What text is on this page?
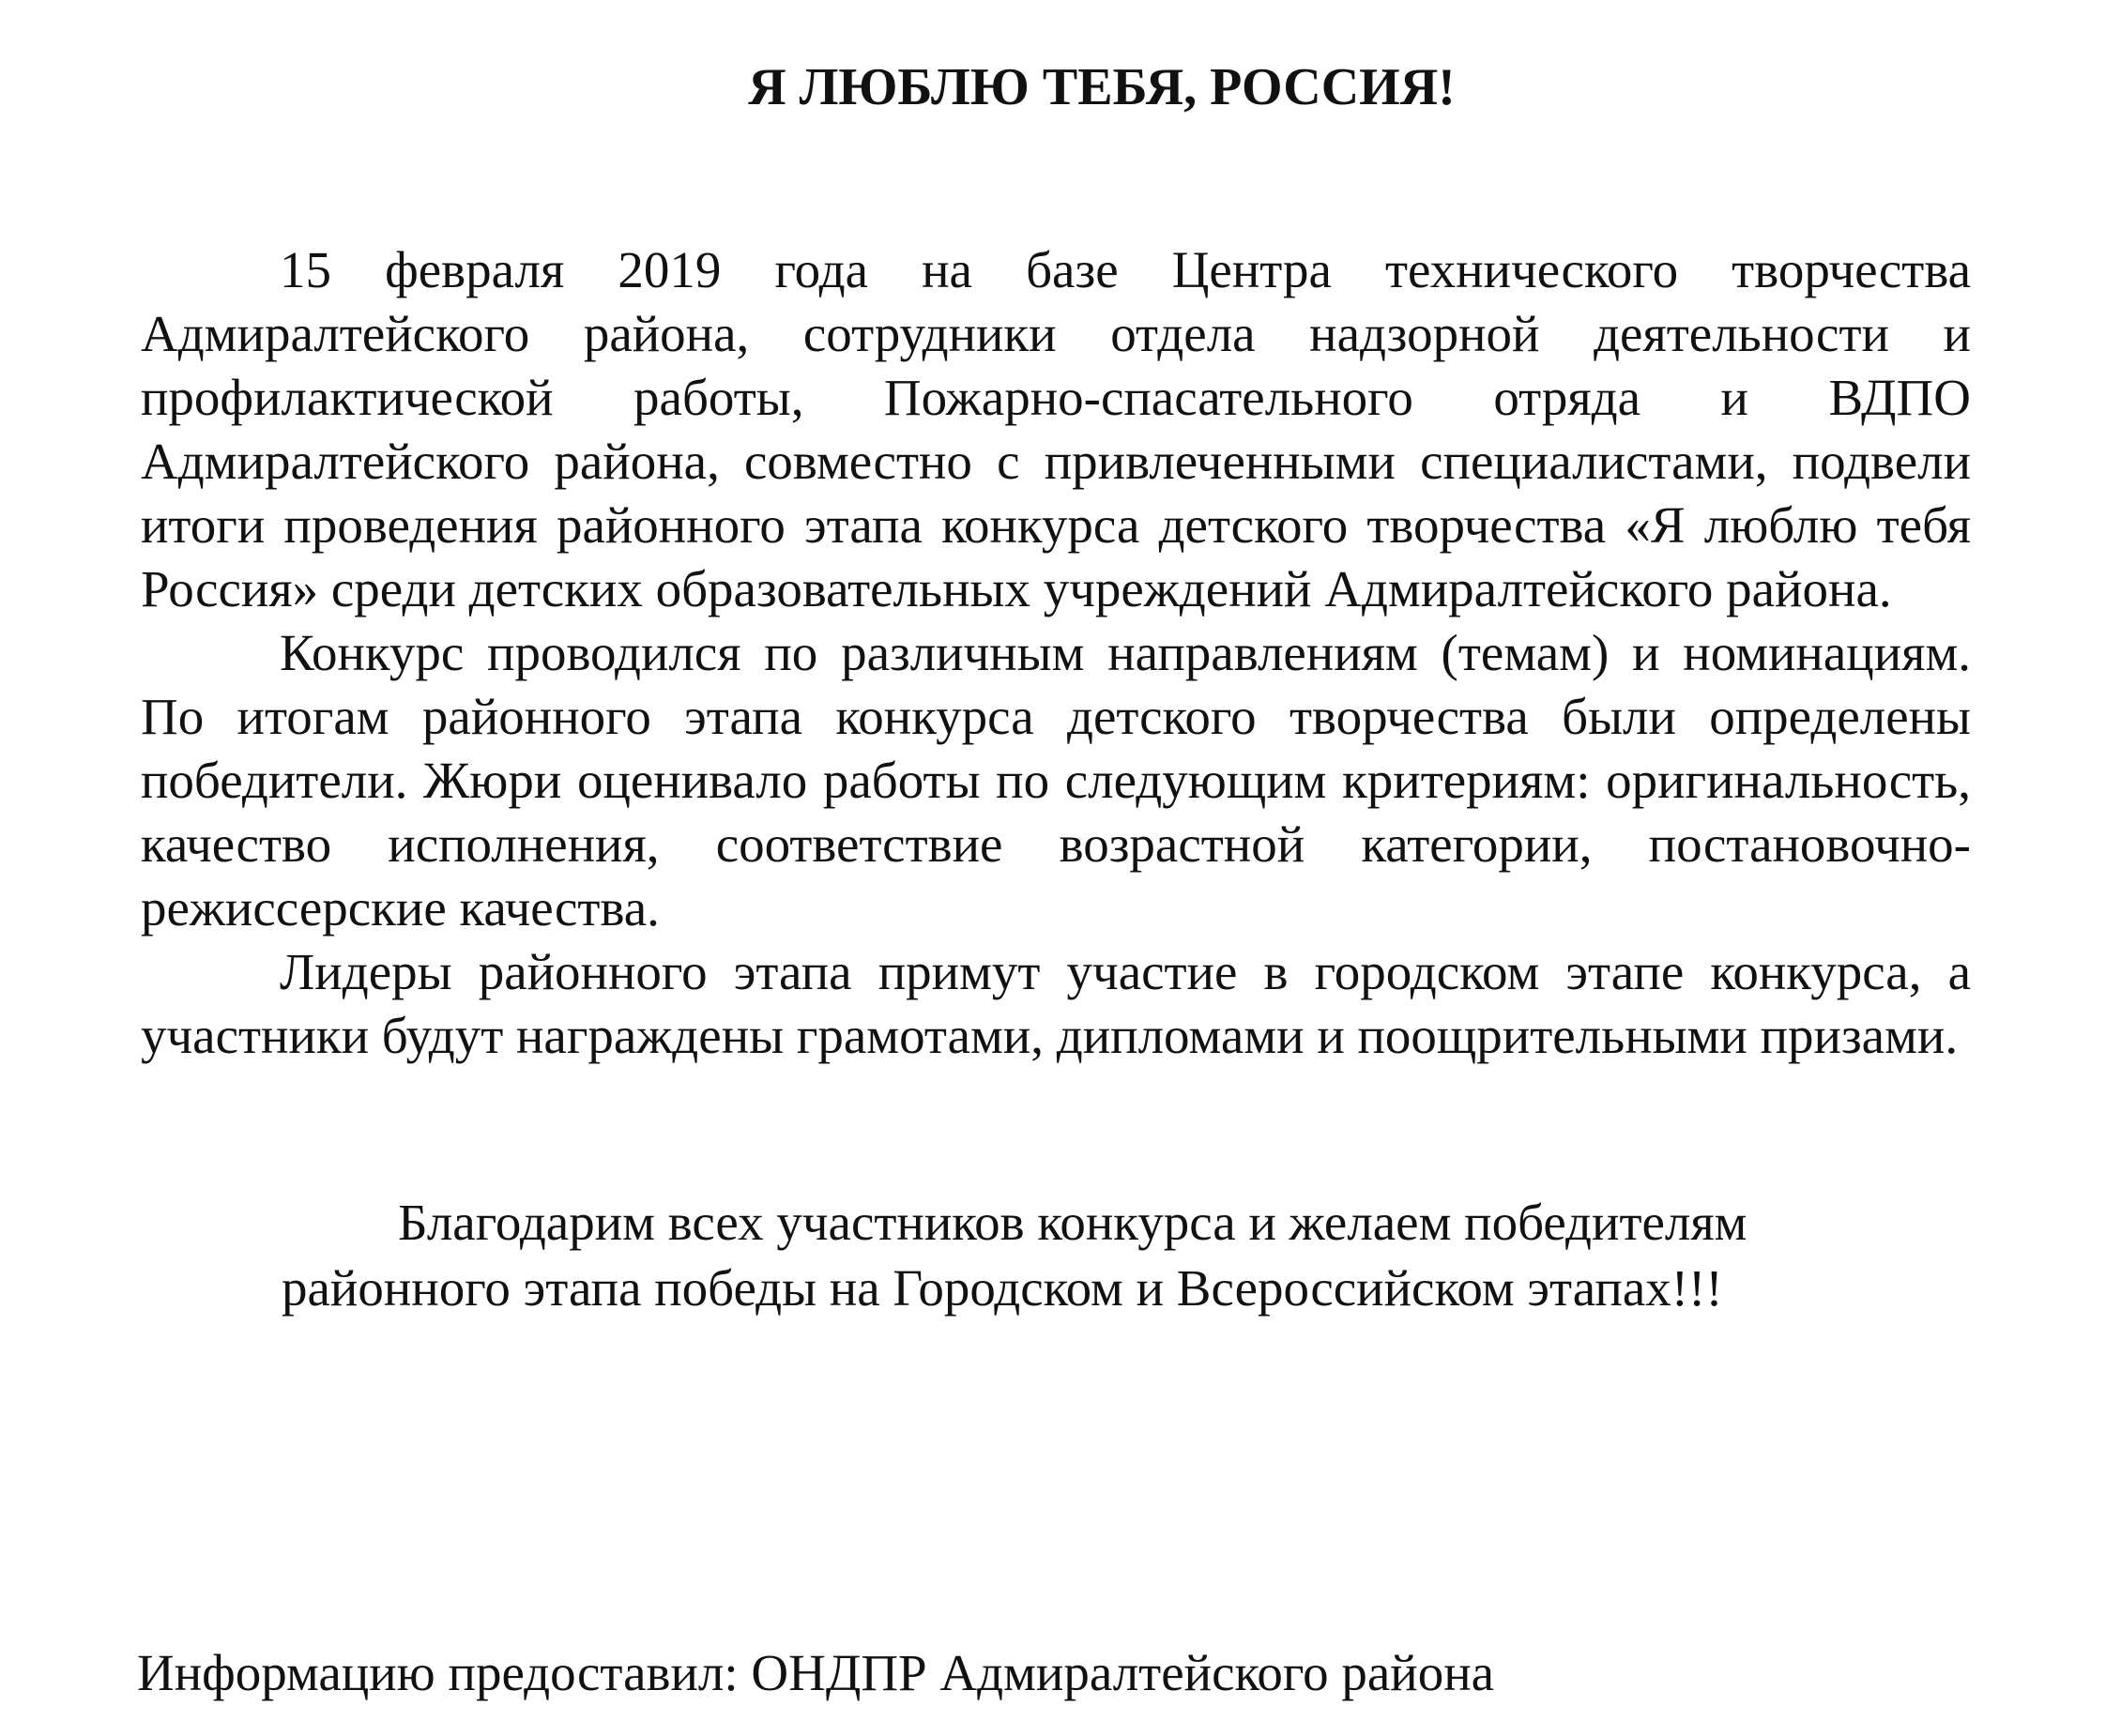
Я ЛЮБЛЮ ТЕБЯ, РОССИЯ!

15 февраля 2019 года на базе Центра технического творчества Адмиралтейского района, сотрудники отдела надзорной деятельности и профилактической работы, Пожарно-спасательного отряда и ВДПО Адмиралтейского района, совместно с привлеченными специалистами, подвели итоги проведения районного этапа конкурса детского творчества «Я люблю тебя Россия» среди детских образовательных учреждений Адмиралтейского района.

Конкурс проводился по различным направлениям (темам) и номинациям. По итогам районного этапа конкурса детского творчества были определены победители. Жюри оценивало работы по следующим критериям: оригинальность, качество исполнения, соответствие возрастной категории, постановочно-режиссерские качества.

Лидеры районного этапа примут участие в городском этапе конкурса, а участники будут награждены грамотами, дипломами и поощрительными призами.

Благодарим всех участников конкурса и желаем победителям
районного этапа победы на Городском и Всероссийском этапах!!!
Информацию предоставил: ОНДПР Адмиралтейского района
